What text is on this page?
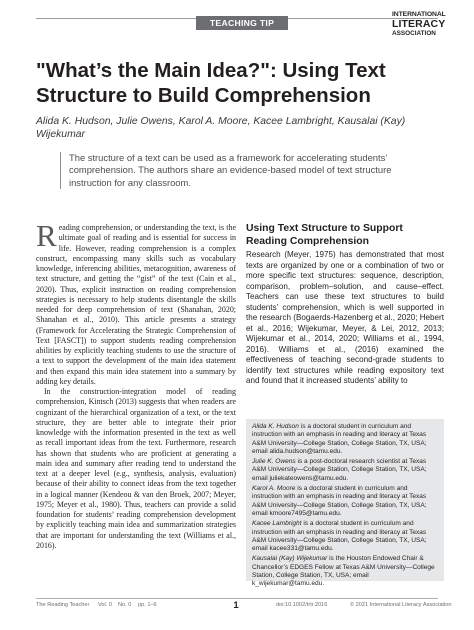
TEACHING TIP
INTERNATIONAL
LITERACY
ASSOCIATION
"What’s the Main Idea?": Using Text Structure to Build Comprehension
Alida K. Hudson, Julie Owens, Karol A. Moore, Kacee Lambright, Kausalai (Kay) Wijekumar

The structure of a text can be used as a framework for accelerating students’ comprehension. The authors share an evidence-based model of text structure instruction for any classroom.

Reading comprehension, or understanding the text, is the ultimate goal of reading and is essential for success in life. However, reading comprehension is a complex construct, encompassing many skills such as vocabulary knowledge, inferencing abilities, metacognition, awareness of text structure, and getting the “gist” of the text (Cain et al., 2020). Thus, explicit instruction on reading comprehension strategies is necessary to help students disentangle the skills needed for deep comprehension of text (Shanahan, 2020; Shanahan et al., 2010). This article presents a strategy (Framework for Accelerating the Strategic Comprehension of Text [FASCT]) to support students reading comprehension abilities by explicitly teaching students to use the structure of a text to support the development of the main idea statement and then expand this main idea statement into a summary by adding key details.

In the construction-integration model of reading comprehension, Kintsch (2013) suggests that when readers are cognizant of the hierarchical organization of a text, or the text structure, they are better able to integrate their prior knowledge with the information presented in the text as well as recall important ideas from the text. Furthermore, research has shown that students who are proficient at generating a main idea and summary after reading tend to understand the text at a deeper level (e.g., synthesis, analysis, evaluation) because of their ability to connect ideas from the text together in a logical manner (Kendeou & van den Broek, 2007; Meyer, 1975; Meyer et al., 1980). Thus, teachers can provide a solid foundation for students’ reading comprehension development by explicitly teaching main idea and summarization strategies that are important for understanding the text (Williams et al., 2016).

Using Text Structure to Support Reading Comprehension

Research (Meyer, 1975) has demonstrated that most texts are organized by one or a combination of two or more specific text structures: sequence, description, comparison, problem–solution, and cause–effect. Teachers can use these text structures to build students’ comprehension, which is well supported in the research (Bogaerds-Hazenberg et al., 2020; Hebert et al., 2016; Wijekumar, Meyer, & Lei, 2012, 2013; Wijekumar et al., 2014, 2020; Williams et al., 1994, 2016). Williams et al., (2016) examined the effectiveness of teaching second-grade students to identify text structures while reading expository text and found that it increased students’ ability to

Alida K. Hudson is a doctoral student in curriculum and instruction with an emphasis in reading and literacy at Texas A&M University—College Station, College Station, TX, USA; email alida.hudson@tamu.edu.

Julie K. Owens is a post-doctoral research scientist at Texas A&M University—College Station, College Station, TX, USA; email juliekateowens@tamu.edu.

Karol A. Moore is a doctoral student in curriculum and instruction with an emphasis in reading and literacy at Texas A&M University—College Station, College Station, TX, USA; email kmoore7495@tamu.edu.

Kacee Lambright is a doctoral student in curriculum and instruction with an emphasis in reading and literacy at Texas A&M University—College Station, College Station, TX, USA; email kacee331@tamu.edu.

Kausalai (Kay) Wijekumar is the Houston Endowed Chair & Chancellor’s EDGES Fellow at Texas A&M University—College Station, College Station, TX, USA; email k_wijekumar@tamu.edu.

The Reading Teacher Vol. 0 No. 0 pp. 1–6	1	doi:10.1002/trtr.2016	© 2021 International Literacy Association
